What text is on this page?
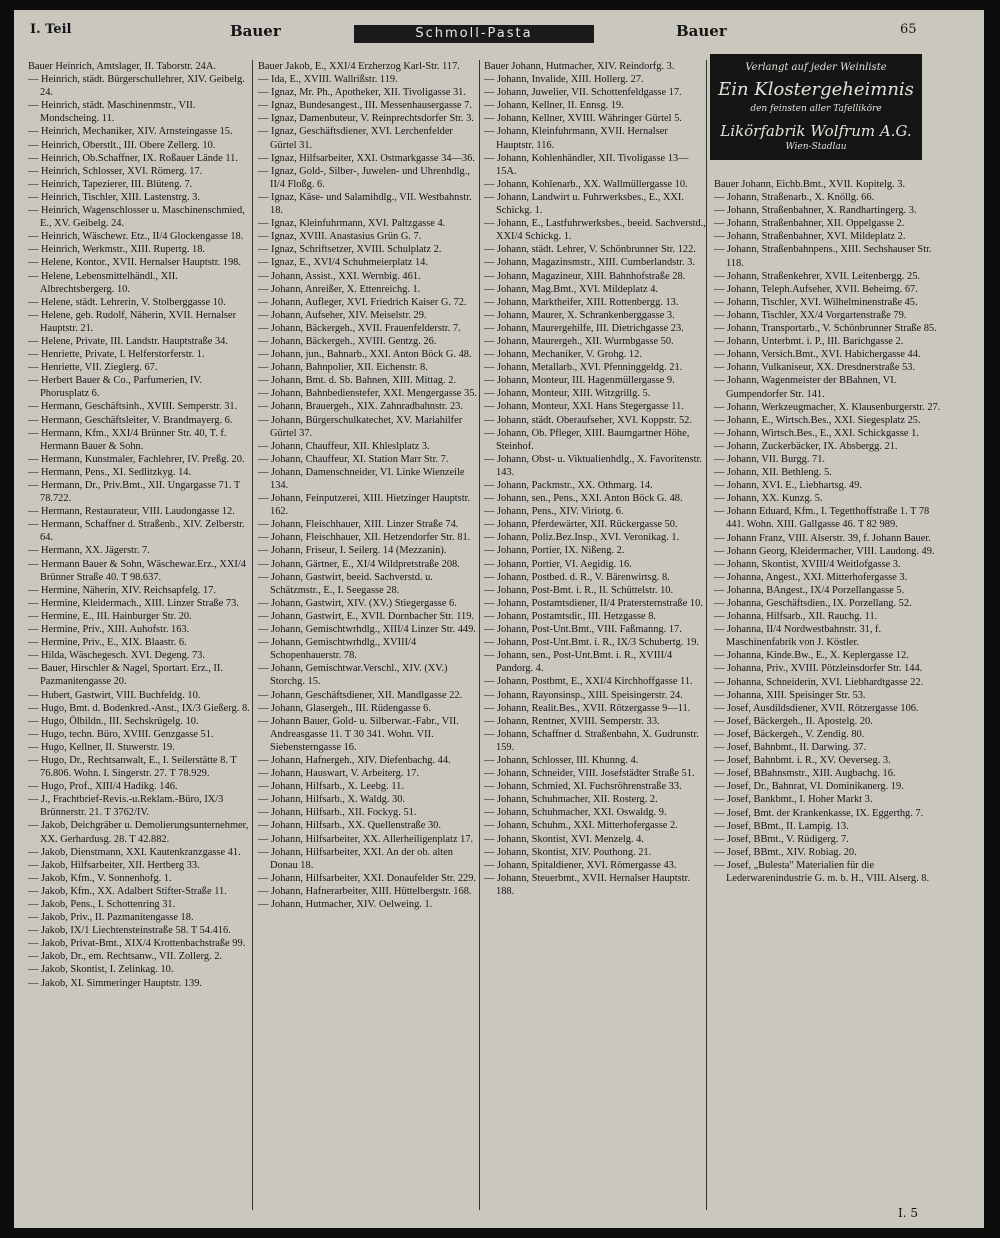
I. Teil	Bauer	Schmoll-Pasta	Bauer	65

Bauer Heinrich, Amtslager, II. Taborstr. 24A.

— Heinrich, städt. Bürgerschullehrer, XIV. Geibelg. 24.

— Heinrich, städt. Maschinenmstr., VII. Mondscheing. 11.

— Heinrich, Mechaniker, XIV. Arnsteingasse 15.

— Heinrich, Oberstlt., III. Obere Zellerg. 10.

— Heinrich, Ob.Schaffner, IX. Roßauer Lände 11.

— Heinrich, Schlosser, XVI. Römerg. 17.

— Heinrich, Tapezierer, III. Blüteng. 7.

— Heinrich, Tischler, XIII. Lastenstrg. 3.

— Heinrich, Wagenschlosser u. Maschinenschmied, E., XV. Geibelg. 24.

— Heinrich, Wäschewr. Etz., II/4 Glockengasse 18.

— Heinrich, Werkmstr., XIII. Rupertg. 18.

— Helene, Kontor., XVII. Hernalser Hauptstr. 198.

— Helene, Lebensmittelhändl., XII. Albrechtsbergerg. 10.

— Helene, städt. Lehrerin, V. Stolberggasse 10.

— Helene, geb. Rudolf, Näherin, XVII. Hernalser Hauptstr. 21.

— Helene, Private, III. Landstr. Hauptstraße 34.

— Henriette, Private, I. Helferstorferstr. 1.

— Henriette, VII. Zieglerg. 67.

— Herbert Bauer & Co., Parfumerien, IV. Phorusplatz 6.

— Hermann, Geschäftsinh., XVIII. Semperstr. 31.

— Hermann, Geschäftsleiter, V. Brandmayerg. 6.

— Hermann, Kfm., XXI/4 Brünner Str. 40, T. f. Hermann Bauer & Sohn.

— Hermann, Kunstmaler, Fachlehrer, IV. Preßg. 20.

— Hermann, Pens., XI. Sedlitzkyg. 14.

— Hermann, Dr., Priv.Bmt., XII. Ungargasse 71. T 78.722.

— Hermann, Restaurateur, VIII. Laudongasse 12.

— Hermann, Schaffner d. Straßenb., XIV. Zelberstr. 64.

— Hermann, XX. Jägerstr. 7.

— Hermann Bauer & Sohn, Wäschewar.Erz., XXI/4 Brünner Straße 40. T 98.637.

— Hermine, Näherin, XIV. Reichsapfelg. 17.

— Hermine, Kleidermach., XIII. Linzer Straße 73.

— Hermine, E., III. Hainburger Str. 20.

— Hermine, Priv., XIII. Auhofstr. 163.

— Hermine, Priv., E., XIX. Blaastr. 6.

— Hilda, Wäschegesch. XVI. Degeng. 73.

— Bauer, Hirschler & Nagel, Sportart. Erz., II. Pazmanitengasse 20.

— Hubert, Gastwirt, VIII. Buchfeldg. 10.

— Hugo, Bmt. d. Bodenkred.-Anst., IX/3 Gießerg. 8.

— Hugo, Ölbildn., III. Sechskrügelg. 10.

— Hugo, techn. Büro, XVIII. Genzgasse 51.

— Hugo, Kellner, II. Stuwerstr. 19.

— Hugo, Dr., Rechtsanwalt, E., I. Seilerstätte 8. T 76.806. Wohn. I. Singerstr. 27. T 78.929.

— Hugo, Prof., XIII/4 Hadikg. 146.

— J., Frachtbrief-Revis.-u.Reklam.-Büro, IX/3 Brünnerstr. 21. T 3762/IV.

— Jakob, Deichgräber u. Demolierungsunternehmer, XX. Gerhardusg. 28. T 42.882.

— Jakob, Dienstmann, XXI. Kautenkranzgasse 41.

— Jakob, Hilfsarbeiter, XII. Hertberg 33.

— Jakob, Kfm., V. Sonnenhofg. 1.

— Jakob, Kfm., XX. Adalbert Stifter-Straße 11.

— Jakob, Pens., I. Schottenring 31.

— Jakob, Priv., II. Pazmanitengasse 18.

— Jakob, IX/1 Liechtensteinstraße 58. T 54.416.

— Jakob, Privat-Bmt., XIX/4 Krottenbachstraße 99.

— Jakob, Dr., em. Rechtsanw., VII. Zollerg. 2.

— Jakob, Skontist, I. Zelinkag. 10.

— Jakob, XI. Simmeringer Hauptstr. 139.

Bauer Jakob, E., XXI/4 Erzherzog Karl-Str. 117.

— Ida, E., XVIII. Wallrißstr. 119.

— Ignaz, Mr. Ph., Apotheker, XII. Tivoligasse 31.

— Ignaz, Bundesangest., III. Messenhausergasse 7.

— Ignaz, Damenbuteur, V. Reinprechtsdorfer Str. 3.

— Ignaz, Geschäftsdiener, XVI. Lerchenfelder Gürtel 31.

— Ignaz, Hilfsarbeiter, XXI. Ostmarkgasse 34—36.

— Ignaz, Gold-, Silber-, Juwelen- und Uhrenhdlg., II/4 Floßg. 6.

— Ignaz, Käse- und Salamihdlg., VII. Westbahnstr. 18.

— Ignaz, Kleinfuhrmann, XVI. Paltzgasse 4.

— Ignaz, XVIII. Anastasius Grün G. 7.

— Ignaz, Schriftsetzer, XVIII. Schulplatz 2.

— Ignaz, E., XVI/4 Schuhmeierplatz 14.

— Johann, Assist., XXI. Wernbig. 461.

— Johann, Anreißer, X. Ettenreichg. 1.

— Johann, Aufleger, XVI. Friedrich Kaiser G. 72.

— Johann, Aufseher, XIV. Meiselstr. 29.

— Johann, Bäckergeh., XVII. Frauenfelderstr. 7.

— Johann, Bäckergeh., XVIII. Gentzg. 26.

— Johann, jun., Bahnarb., XXI. Anton Böck G. 48.

— Johann, Bahnpolier, XII. Eichenstr. 8.

— Johann, Bmt. d. Sb. Bahnen, XIII. Mittag. 2.

— Johann, Bahnbedienstefer, XXI. Mengergasse 35.

— Johann, Brauergeh., XIX. Zahnradbahnstr. 23.

— Johann, Bürgerschulkatechet, XV. Mariahilfer Gürtel 37.

— Johann, Chauffeur, XII. Khleslplatz 3.

— Johann, Chauffeur, XI. Station Marr Str. 7.

— Johann, Damenschneider, VI. Linke Wienzeile 134.

— Johann, Feinputzerei, XIII. Hietzinger Hauptstr. 162.

— Johann, Fleischhauer, XIII. Linzer Straße 74.

— Johann, Fleischhauer, XII. Hetzendorfer Str. 81.

— Johann, Friseur, I. Seilerg. 14 (Mezzanin).

— Johann, Gärtner, E., XI/4 Wildpretstraße 208.

— Johann, Gastwirt, beeid. Sachverstd. u. Schätzmstr., E., I. Seegasse 28.

— Johann, Gastwirt, XIV. (XV.) Stiegergasse 6.

— Johann, Gastwirt, E., XVII. Dornbacher Str. 119.

— Johann, Gemischtwrhdlg., XIII/4 Linzer Str. 449.

— Johann, Gemischtwrhdlg., XVIII/4 Schopenhauerstr. 78.

— Johann, Gemischtwar.Verschl., XIV. (XV.) Storchg. 15.

— Johann, Geschäftsdiener, XII. Mandlgasse 22.

— Johann, Glasergeh., III. Rüdengasse 6.

— Johann Bauer, Gold- u. Silberwar.-Fabr., VII. Andreasgasse 11. T 30 341. Wohn. VII. Siebensterngasse 16.

— Johann, Hafnergeh., XIV. Diefenbachg. 44.

— Johann, Hauswart, V. Arbeiterg. 17.

— Johann, Hilfsarb., X. Leebg. 11.

— Johann, Hilfsarb., X. Waldg. 30.

— Johann, Hilfsarb., XII. Fockyg. 51.

— Johann, Hilfsarb., XX. Quellenstraße 30.

— Johann, Hilfsarbeiter, XX. Allerheiligenplatz 17.

— Johann, Hilfsarbeiter, XXI. An der ob. alten Donau 18.

— Johann, Hilfsarbeiter, XXI. Donaufelder Str. 229.

— Johann, Hafnerarbeiter, XIII. Hüttelbergstr. 168.

— Johann, Hutmacher, XIV. Oelweing. 1.

Bauer Johann, Hutmacher, XIV. Reindorfg. 3.

— Johann, Invalide, XIII. Hollerg. 27.

— Johann, Juwelier, VII. Schottenfeldgasse 17.

— Johann, Kellner, II. Ennsg. 19.

— Johann, Kellner, XVIII. Währinger Gürtel 5.

— Johann, Kleinfuhrmann, XVII. Hernalser Hauptstr. 116.

— Johann, Kohlenhändler, XII. Tivoligasse 13—15A.

— Johann, Kohlenarb., XX. Wallmüllergasse 10.

— Johann, Landwirt u. Fuhrwerksbes., E., XXI. Schickg. 1.

— Johann, E., Lastfuhrwerksbes., beeid. Sachverstd., XXI/4 Schickg. 1.

— Johann, städt. Lehrer, V. Schönbrunner Str. 122.

— Johann, Magazinsmstr., XIII. Cumberlandstr. 3.

— Johann, Magazineur, XIII. Bahnhofstraße 28.

— Johann, Mag.Bmt., XVI. Mildeplatz 4.

— Johann, Marktheifer, XIII. Rottenbergg. 13.

— Johann, Maurer, X. Schrankenberggasse 3.

— Johann, Maurergehilfe, III. Dietrichgasse 23.

— Johann, Maurergeh., XII. Wurmbgasse 50.

— Johann, Mechaniker, V. Grohg. 12.

— Johann, Metallarb., XVI. Pfenninggeldg. 21.

— Johann, Monteur, III. Hagenmüllergasse 9.

— Johann, Monteur, XIII. Witzgrillg. 5.

— Johann, Monteur, XXI. Hans Stegergasse 11.

— Johann, städt. Oberaufseher, XVI. Koppstr. 52.

— Johann, Ob. Pfleger, XIII. Baumgartner Höhe, Steinhof.

— Johann, Obst- u. Viktualienhdlg., X. Favoritenstr. 143.

— Johann, Packmstr., XX. Othmarg. 14.

— Johann, sen., Pens., XXI. Anton Böck G. 48.

— Johann, Pens., XIV. Viriotg. 6.

— Johann, Pferdewärter, XII. Rückergasse 50.

— Johann, Poliz.Bez.Insp., XVI. Veronikag. 1.

— Johann, Portier, IX. Nißeng. 2.

— Johann, Portier, VI. Aegidig. 16.

— Johann, Postbed. d. R., V. Bärenwirtsg. 8.

— Johann, Post-Bmt. i. R., II. Schüttelstr. 10.

— Johann, Postamtsdiener, II/4 Pratersternstraße 10.

— Johann, Postamtsdir., III. Hetzgasse 8.

— Johann, Post-Unt.Bmt., VIII. Faßmanng. 17.

— Johann, Post-Unt.Bmt. i. R., IX/3 Schubertg. 19.

— Johann, sen., Post-Unt.Bmt. i. R., XVIII/4 Pandorg. 4.

— Johann, Postbmt, E., XXI/4 Kirchhoffgasse 11.

— Johann, Rayonsinsp., XIII. Speisingerstr. 24.

— Johann, Realit.Bes., XVII. Rötzergasse 9—11.

— Johann, Rentner, XVIII. Semperstr. 33.

— Johann, Schaffner d. Straßenbahn, X. Gudrunstr. 159.

— Johann, Schlosser, III. Khunng. 4.

— Johann, Schneider, VIII. Josefstädter Straße 51.

— Johann, Schmied, XI. Fuchsröhrenstraße 33.

— Johann, Schuhmacher, XII. Rosterg. 2.

— Johann, Schuhmacher, XXI. Oswaldg. 9.

— Johann, Schuhm., XXI. Mitterhofergasse 2.

— Johann, Skontist, XVI. Menzelg. 4.

— Johann, Skontist, XIV. Pouthong. 21.

— Johann, Spitaldiener, XVI. Römergasse 43.

— Johann, Steuerbmt., XVII. Hernalser Hauptstr. 188.

Verlangt auf jeder Weinliste
Ein Klostergeheimnis
den feinsten aller Tafelliköre
Likörfabrik Wolfrum A.G.
Wien-Stadlau

Bauer Johann, Eichb.Bmt., XVII. Kopitelg. 3.

— Johann, Straßenarb., X. Knöllg. 66.

— Johann, Straßenbahner, X. Randhartingerg. 3.

— Johann, Straßenbahner, XII. Oppelgasse 2.

— Johann, Straßenbahner, XVI. Mildeplatz 2.

— Johann, Straßenbahnpens., XIII. Sechshauser Str. 118.

— Johann, Straßenkehrer, XVII. Leitenbergg. 25.

— Johann, Teleph.Aufseher, XVII. Beheimg. 67.

— Johann, Tischler, XVI. Wilhelminenstraße 45.

— Johann, Tischler, XX/4 Vorgartenstraße 79.

— Johann, Transportarb., V. Schönbrunner Straße 85.

— Johann, Unterbmt. i. P., III. Barichgasse 2.

— Johann, Versich.Bmt., XVI. Habichergasse 44.

— Johann, Vulkaniseur, XX. Dresdnerstraße 53.

— Johann, Wagenmeister der BBahnen, VI. Gumpendorfer Str. 141.

— Johann, Werkzeugmacher, X. Klausenburgerstr. 27.

— Johann, E., Wirtsch.Bes., XXI. Siegesplatz 25.

— Johann, Wirtsch.Bes., E., XXI. Schickgasse 1.

— Johann, Zuckerbäcker, IX. Absbergg. 21.

— Johann, VII. Burgg. 71.

— Johann, XII. Bethleng. 5.

— Johann, XVI. E., Liebhartsg. 49.

— Johann, XX. Kunzg. 5.

— Johann Eduard, Kfm., I. Tegetthoffstraße 1. T 78 441. Wohn. XIII. Gallgasse 46. T 82 989.

— Johann Franz, VIII. Alserstr. 39, f. Johann Bauer.

— Johann Georg, Kleidermacher, VIII. Laudong. 49.

— Johann, Skontist, XVIII/4 Weitlofgasse 3.

— Johanna, Angest., XXI. Mitterhofergasse 3.

— Johanna, BAngest., IX/4 Porzellangasse 5.

— Johanna, Geschäftsdien., IX. Porzellang. 52.

— Johanna, Hilfsarb., XII. Rauchg. 11.

— Johanna, II/4 Nordwestbahnstr. 31, f. Maschinenfabrik von J. Köstler.

— Johanna, Kinde.Bw., E., X. Keplergasse 12.

— Johanna, Priv., XVIII. Pötzleinsdorfer Str. 144.

— Johanna, Schneiderin, XVI. Liebhardtgasse 22.

— Johanna, XIII. Speisinger Str. 53.

— Josef, Ausdildsdiener, XVII. Rötzergasse 106.

— Josef, Bäckergeh., II. Apostelg. 20.

— Josef, Bäckergeh., V. Zendig. 80.

— Josef, Bahnbmt., II. Darwing. 37.

— Josef, Bahnbmt. i. R., XV. Oeverseg. 3.

— Josef, BBahnsmstr., XIII. Augbachg. 16.

— Josef, Dr., Bahnrat, VI. Dominikanerg. 19.

— Josef, Bankbmt., I. Hoher Markt 3.

— Josef, Bmt. der Krankenkasse, IX. Eggerthg. 7.

— Josef, BBmt., II. Lampig. 13.

— Josef, BBmt., V. Rüdigerg. 7.

— Josef, BBmt., XIV. Robiag. 20.

— Josef, „Bulesta" Materialien für die Lederwarenindustrie G. m. b. H., VIII. Alserg. 8.

I. 5
